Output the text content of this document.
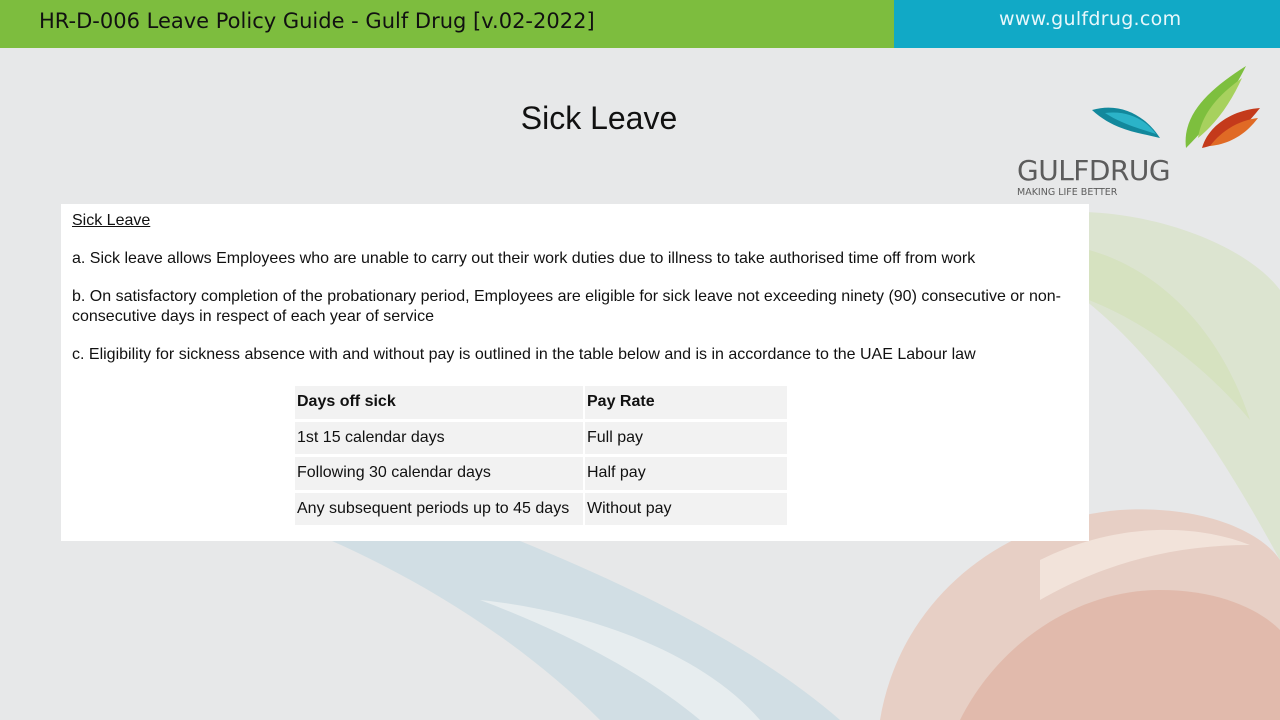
HR-D-006 Leave Policy Guide - Gulf Drug [v.02-2022]	www.gulfdrug.com
Sick Leave
GULFDRUG
MAKING LIFE BETTER
Sick Leave

a. Sick leave allows Employees who are unable to carry out their work duties due to illness to take authorised time off from work

b. On satisfactory completion of the probationary period, Employees are eligible for sick leave not exceeding ninety (90) consecutive or non-consecutive days in respect of each year of service

c. Eligibility for sickness absence with and without pay is outlined in the table below and is in accordance to the UAE Labour law

Days off sick	Pay Rate
1st 15 calendar days	Full pay
Following 30 calendar days	Half pay
Any subsequent periods up to 45 days	Without pay
